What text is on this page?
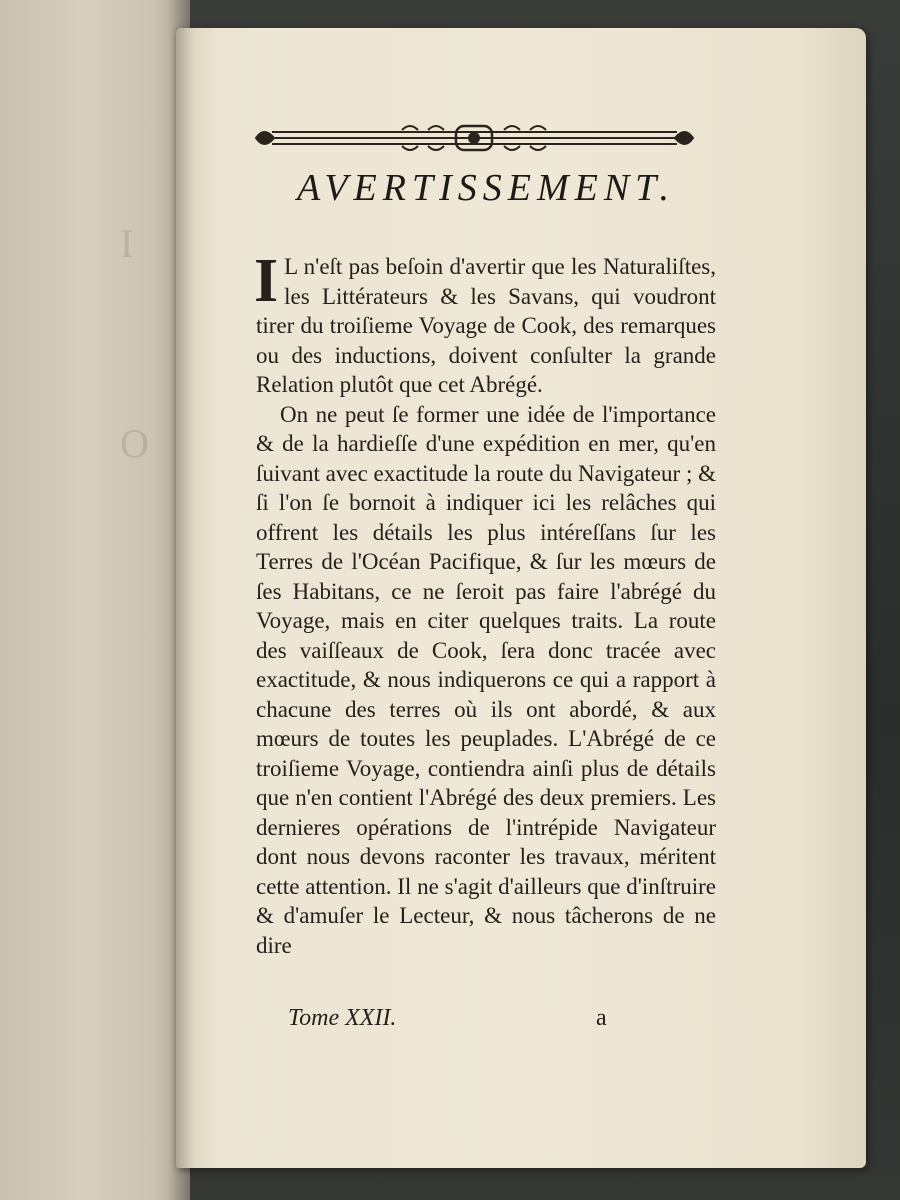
I
O
AVERTISSEMENT.

I L n'eſt pas beſoin d'avertir que les Naturaliſtes, les Littérateurs & les Savans, qui voudront tirer du troiſieme Voyage de Cook, des remarques ou des inductions, doivent conſulter la grande Relation plutôt que cet Abrégé.

On ne peut ſe former une idée de l'importance & de la hardieſſe d'une expédition en mer, qu'en ſuivant avec exactitude la route du Navigateur ; & ſi l'on ſe bornoit à indiquer ici les relâches qui offrent les détails les plus intéreſſans ſur les Terres de l'Océan Pacifique, & ſur les mœurs de ſes Habitans, ce ne ſeroit pas faire l'abrégé du Voyage, mais en citer quelques traits. La route des vaiſſeaux de Cook, ſera donc tracée avec exactitude, & nous indiquerons ce qui a rapport à chacune des terres où ils ont abordé, & aux mœurs de toutes les peuplades. L'Abrégé de ce troiſieme Voyage, contiendra ainſi plus de détails que n'en contient l'Abrégé des deux premiers. Les dernieres opérations de l'intrépide Navigateur dont nous devons raconter les travaux, méritent cette attention. Il ne s'agit d'ailleurs que d'inſtruire & d'amuſer le Lecteur, & nous tâcherons de ne dire

Tome XXII.	a
